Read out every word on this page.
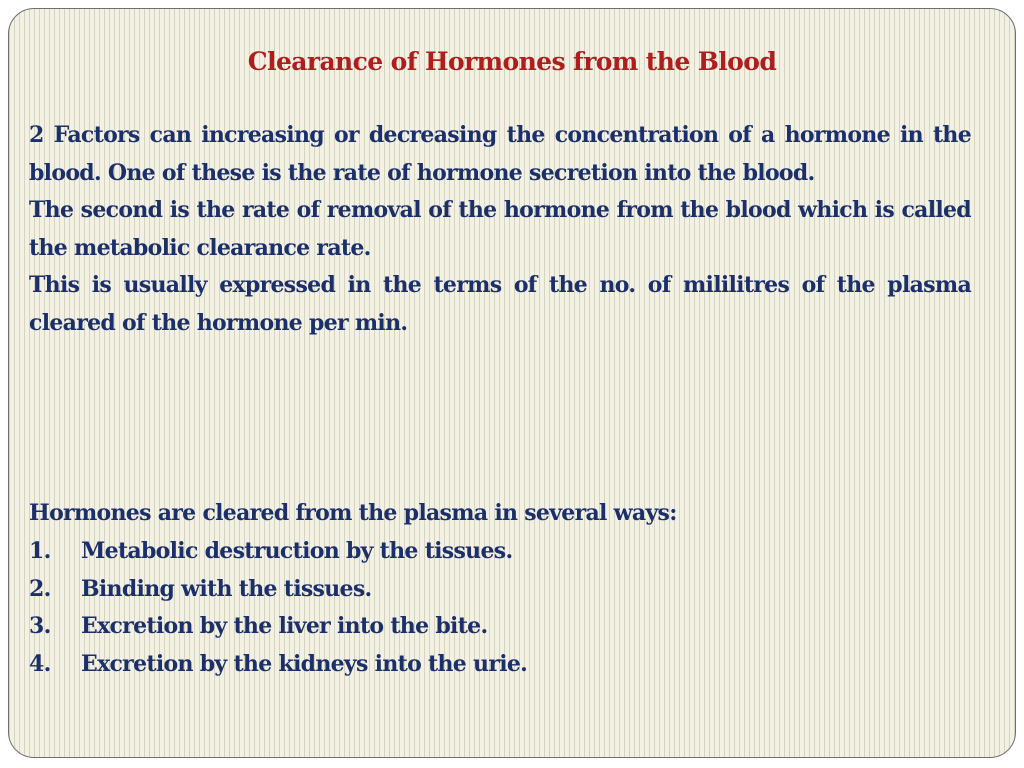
Clearance of Hormones from the Blood

2 Factors can increasing or decreasing the concentration of a hormone in the blood. One of these is the rate of hormone secretion into the blood.

The second is the rate of removal of the hormone from the blood which is called the metabolic clearance rate.

This is usually expressed in the terms of the no. of mililitres of the plasma cleared of the hormone per min.

Hormones are cleared from the plasma in several ways:

1.	Metabolic destruction by the tissues.
2.	Binding with the tissues.
3.	Excretion by the liver into the bite.
4.	Excretion by the kidneys into the urie.
